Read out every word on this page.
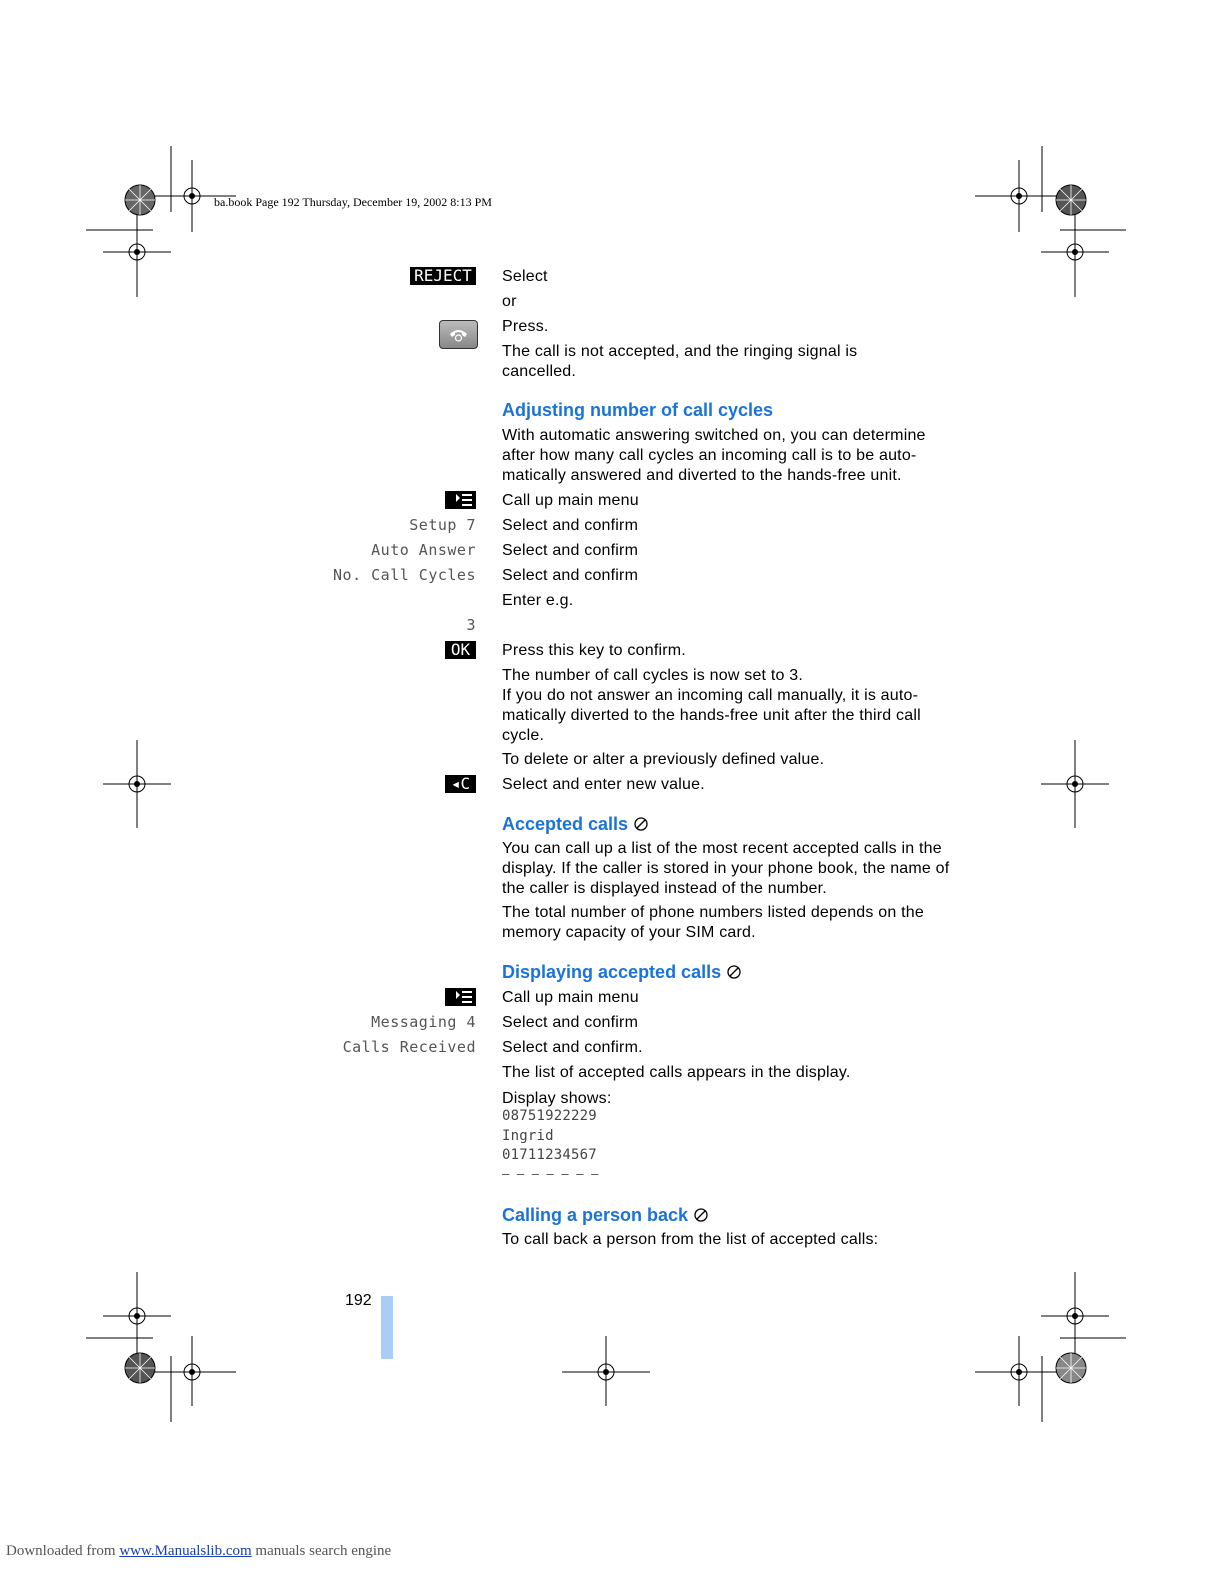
ba.book Page 192 Thursday, December 19, 2002 8:13 PM
REJECT Select
or
Press.
The call is not accepted, and the ringing signal is cancelled.
Adjusting number of call cycles
With automatic answering switched on, you can determine after how many call cycles an incoming call is to be auto-matically answered and diverted to the hands-free unit.
Call up main menu
Setup 7 Select and confirm
Auto Answer Select and confirm
No. Call Cycles Select and confirm
Enter e.g.
3
OK	Press this key to confirm.
The number of call cycles is now set to 3.
If you do not answer an incoming call manually, it is auto-matically diverted to the hands-free unit after the third call cycle.
To delete or alter a previously defined value.
◂C	Select and enter new value.
Accepted calls
You can call up a list of the most recent accepted calls in the display. If the caller is stored in your phone book, the name of the caller is displayed instead of the number.
The total number of phone numbers listed depends on the memory capacity of your SIM card.
Displaying accepted calls
Call up main menu
Messaging 4 Select and confirm
Calls Received Select and confirm.
The list of accepted calls appears in the display.
Display shows:
08751922229
Ingrid
01711234567
– – – – – – –
Calling a person back
To call back a person from the list of accepted calls:
192
Downloaded from www.Manualslib.com manuals search engine
